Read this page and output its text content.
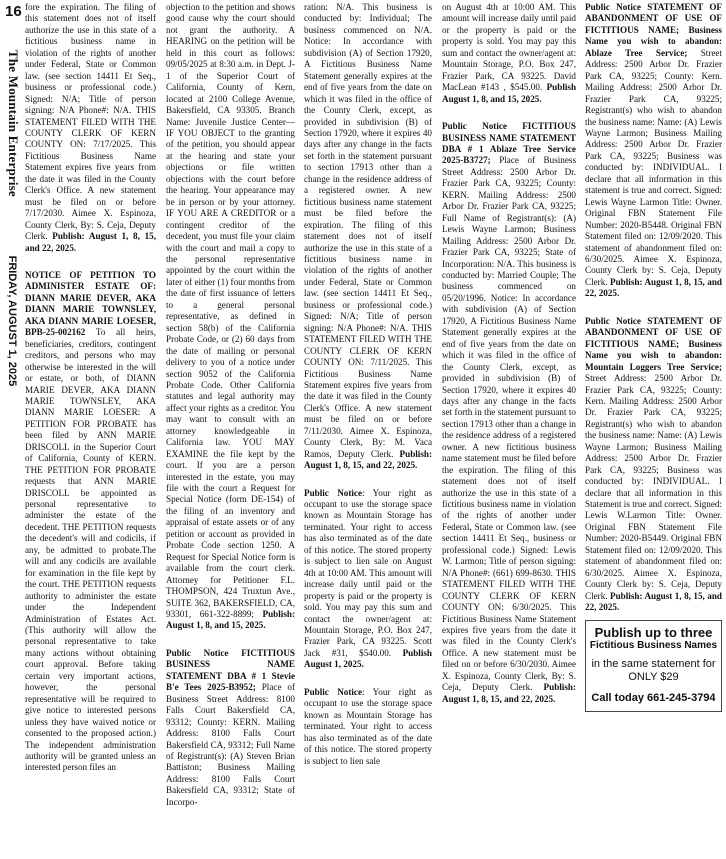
16
The Mountain Enterprise FRIDAY, AUGUST 1, 2025

fore the expiration. The filing of this statement does not of itself authorize the use in this state of a fictitious business name in violation of the rights of another under Federal, State or Common law. (see section 14411 Et Seq., business or professional code.) Signed: N/A; Title of person signing: N/A Phone#: N/A. THIS STATEMENT FILED WITH THE COUNTY CLERK OF KERN COUNTY ON: 7/17/2025. This Fictitious Business Name Statement expires five years from the date it was filed in the County Clerk's Office. A new statement must be filed on or before 7/17/2030. Aimee X. Espinoza, County Clerk, By: S. Ceja, Deputy Clerk. Publish: August 1, 8, 15, and 22, 2025.

NOTICE OF PETITION TO ADMINISTER ESTATE OF: DIANN MARIE DEVER, AKA DIANN MARIE TOWNSLEY, AKA DIANN MARIE LOESER, BPB-25-002162 To all heirs, beneficiaries, creditors, contingent creditors, and persons who may otherwise be interested in the will or estate, or both, of DIANN MARIE DEVER, AKA DIANN MARIE TOWNSLEY, AKA DIANN MARIE LOESER: A PETITION FOR PROBATE has been filed by ANN MARIE DRISCOLL in the Superior Court of California, County of KERN. THE PETITION FOR PROBATE requests that ANN MARIE DRISCOLL be appointed as personal representative to administer the estate of the decedent. THE PETITION requests the decedent's will and codicils, if any, be admitted to probate.The will and any codicils are available for examination in the file kept by the court. THE PETITION requests authority to administer the estate under the Independent Administration of Estates Act. (This authority will allow the personal representative to take many actions without obtaining court approval. Before taking certain very important actions, however, the personal representative will be required to give notice to interested persons unless they have waived notice or consented to the proposed action.) The independent administration authority will be granted unless an interested person files an

objection to the petition and shows good cause why the court should not grant the authority. A HEARING on the petition will be held in this court as follows: 09/05/2025 at 8:30 a.m. in Dept. J-1 of the Superior Court of California, County of Kern, located at 2100 College Avenue, Bakersfield, CA 93305. Branch Name: Juvenile Justice Center— IF YOU OBJECT to the granting of the petition, you should appear at the hearing and state your objections or file written objections with the court before the hearing. Your appearance may be in person or by your attorney. IF YOU ARE A CREDITOR or a contingent creditor of the decedent, you must file your claim with the court and mail a copy to the personal representative appointed by the court within the later of either (1) four months from the date of first issuance of letters to a general personal representative, as defined in section 58(b) of the California Probate Code, or (2) 60 days from the date of mailing or personal delivery to you of a notice under section 9052 of the California Probate Code. Other California statutes and legal authority may affect your rights as a creditor. You may want to consult with an attorney knowledgeable in California law. YOU MAY EXAMINE the file kept by the court. If you are a person interested in the estate, you may file with the court a Request for Special Notice (form DE-154) of the filing of an inventory and appraisal of estate assets or of any petition or account as provided in Probate Code section 1250. A Request for Special Notice form is available from the court clerk. Attorney for Petitioner F.L. THOMPSON, 424 Truxtun Ave., SUITE 362, BAKERSFIELD, CA, 93301, 661-322-8899; Publish: August 1, 8, and 15, 2025.

Public Notice FICTITIOUS BUSINESS NAME STATEMENT DBA # 1 Stevie B'e Tees 2025-B3952; Place of Business Street Address: 8100 Falls Court Bakersfield CA, 93312; County: KERN. Mailing Address: 8100 Falls Court Bakersfield CA, 93312; Full Name of Registrant(s): (A) Steven Brian Battiston; Business Mailing Address: 8100 Falls Court Bakersfield CA, 93312; State of Incorpo-

ration: N/A. This business is conducted by: Individual; The business commenced on N/A. Notice: In accordance with subdivision (A) of Section 17920, A Fictitious Business Name Statement generally expires at the end of five years from the date on which it was filed in the office of the County Clerk, except, as provided in subdivision (B) of Section 17920, where it expires 40 days after any change in the facts set forth in the statement pursuant to section 17913 other than a change in the residence address of a registered owner. A new fictitious business name statement must be filed before the expiration. The filing of this statement does not of itself authorize the use in this state of a fictitious business name in violation of the rights of another under Federal, State or Common law. (see section 14411 Et Seq., business or professional code.) Signed: N/A; Title of person signing: N/A Phone#: N/A. THIS STATEMENT FILED WITH THE COUNTY CLERK OF KERN COUNTY ON: 7/11/2025. This Fictitious Business Name Statement expires five years from the date it was filed in the County Clerk's Office. A new statement must be filed on or before 7/11/2030. Aimee X. Espinoza, County Clerk, By: M. Vaca Ramos, Deputy Clerk. Publish: August 1, 8, 15, and 22, 2025.

Public Notice: Your right as occupant to use the storage space known as Mountain Storage has terminated. Your right to access has also terminated as of the date of this notice. The stored property is subject to lien sale on August 4th at 10:00 AM. This amount will increase daily until paid or the property is paid or the property is sold. You may pay this sum and contact the owner/agent at: Mountain Storage, P.O. Box 247, Frazier Park, CA 93225. Scott Jack #31, $540.00. Publish August 1, 2025.

Public Notice: Your right as occupant to use the storage space known as Mountain Storage has terminated. Your right to access has also terminated as of the date of this notice. The stored property is subject to lien sale

on August 4th at 10:00 AM. This amount will increase daily until paid or the property is paid or the property is sold. You may pay this sum and contact the owner/agent at: Mountain Storage, P.O. Box 247, Frazier Park, CA 93225. David MacLean #143 , $545.00. Publish August 1, 8, and 15, 2025.

Public Notice FICTITIOUS BUSINESS NAME STATEMENT DBA # 1 Ablaze Tree Service 2025-B3727; Place of Business Street Address: 2500 Arbor Dr. Frazier Park CA, 93225; County: KERN. Mailing Address: 2500 Arbor Dr. Frazier Park CA, 93225; Full Name of Registrant(s): (A) Lewis Wayne Larmon; Business Mailing Address: 2500 Arbor Dr. Frazier Park CA, 93225; State of Incorporation: N/A. This business is conducted by: Married Couple; The business commenced on 05/20/1996. Notice: In accordance with subdivision (A) of Section 17920, A Fictitious Business Name Statement generally expires at the end of five years from the date on which it was filed in the office of the County Clerk, except, as provided in subdivision (B) of Section 17920, where it expires 40 days after any change in the facts set forth in the statement pursuant to section 17913 other than a change in the residence address of a registered owner. A new fictitious business name statement must be filed before the expiration. The filing of this statement does not of itself authorize the use in this state of a fictitious business name in violation of the rights of another under Federal, State or Common law. (see section 14411 Et Seq., business or professional code.) Signed: Lewis W. Larmon; Title of person signing: N/A Phone#: (661) 699-8630. THIS STATEMENT FILED WITH THE COUNTY CLERK OF KERN COUNTY ON: 6/30/2025. This Fictitious Business Name Statement expires five years from the date it was filed in the County Clerk's Office. A new statement must be filed on or before 6/30/2030. Aimee X. Espinoza, County Clerk, By: S. Ceja, Deputy Clerk. Publish: August 1, 8, 15, and 22, 2025.

Public Notice STATEMENT OF ABANDONMENT OF USE OF FICTITIOUS NAME; Business Name you wish to abandon: Ablaze Tree Service; Street Address: 2500 Arbor Dr. Frazier Park CA, 93225; County: Kern. Mailing Address: 2500 Arbor Dr. Frazier Park CA, 93225; Registrant(s) who wish to abandon the business name: Name: (A) Lewis Wayne Larmon; Business Mailing Address: 2500 Arbor Dr. Frazier Park CA, 93225; Business was conducted by: INDIVIDUAL. I declare that all information in this statement is true and correct. Signed: Lewis Wayne Larmon Title: Owner. Original FBN Statement File Number: 2020-B5448. Original FBN Statement filed on: 12/09/2020. This statement of abandonment filed on: 6/30/2025. Aimee X. Espinoza, County Clerk by: S. Ceja, Deputy Clerk. Publish: August 1, 8, 15, and 22, 2025.

Public Notice STATEMENT OF ABANDONMENT OF USE OF FICTITIOUS NAME; Business Name you wish to abandon: Mountain Loggers Tree Service; Street Address: 2500 Arbor Dr. Frazier Park CA, 93225; County: Kern. Mailing Address: 2500 Arbor Dr. Frazier Park CA, 93225; Registrant(s) who wish to abandon the business name: Name: (A) Lewis Wayne Larmon; Business Mailing Address: 2500 Arbor Dr. Frazier Park CA, 93225; Business was conducted by: INDIVIDUAL. I declare that all information in this Statement is true and correct. Signed: Lewis W.Larmon Title: Owner. Original FBN Statement File Number: 2020-B5449. Original FBN Statement filed on: 12/09/2020. This statement of abandonment filed on: 6/30/2025. Aimee X. Espinoza, County Clerk by: S. Ceja, Deputy Clerk. Publish: August 1, 8, 15, and 22, 2025.

Publish up to three
Fictitious Business Names
in the same statement for ONLY $29
Call today 661-245-3794
